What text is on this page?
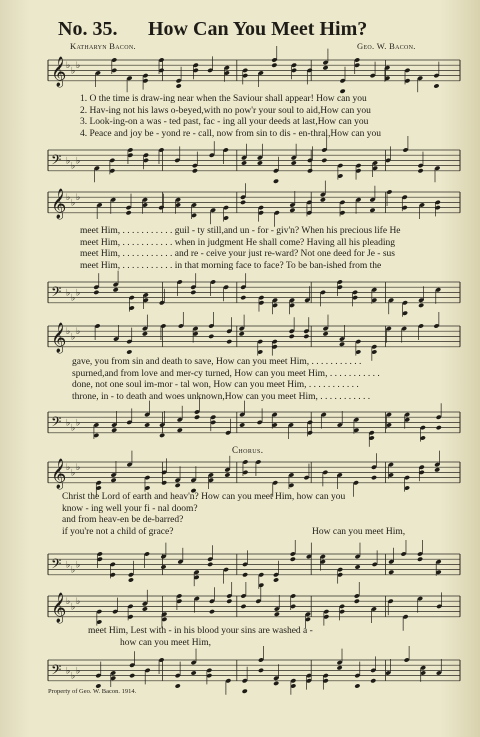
No. 35. How Can You Meet Him?
Katharyn Bacon.	Geo. W. Bacon.
𝄞 ♭
♭
♭
1. O the time is draw-ing near when the Saviour shall appear! How can you
2. Hav-ing not his laws o-beyed,with no pow'r your soul to aid,How can you
3. Look-ing-on a was - ted past, fac - ing all your deeds at last,How can you
4. Peace and joy be - yond re - call, now from sin to dis - en-thral,How can you
𝄢 ♭
♭
♭
𝄞 ♭
♭
♭
meet Him, . . . . . . . . . . . guil - ty still,and un - for - giv'n? When his precious life He
meet Him, . . . . . . . . . . . when in judgment He shall come? Having all his pleading
meet Him, . . . . . . . . . . . and re - ceive your just re-ward? Not one deed for Je - sus
meet Him, . . . . . . . . . . . in that morning face to face? To be ban-ished from the
𝄢 ♭
♭
♭
𝄞 ♭
♭
♭
gave, you from sin and death to save, How can you meet Him, . . . . . . . . . . .
spurned,and from love and mer-cy turned, How can you meet Him, . . . . . . . . . . .
done, not one soul im-mor - tal won, How can you meet Him, . . . . . . . . . . .
throne, in - to death and woes unknown,How can you meet Him, . . . . . . . . . . .
𝄢 ♭
♭
♭
Chorus.
𝄞 ♭
♭
♭
Christ the Lord of earth and heav'n? How can you meet Him, how can you
know - ing well your fi - nal doom?
and from heav-en be de-barred?
if you're not a child of grace?	How can you meet Him,
𝄢 ♭
♭
♭
𝄞 ♭
♭
♭
meet Him, Lest with - in his blood your sins are washed a -
how can you meet Him,
𝄢 ♭
♭
♭
Property of Geo. W. Bacon. 1914.
